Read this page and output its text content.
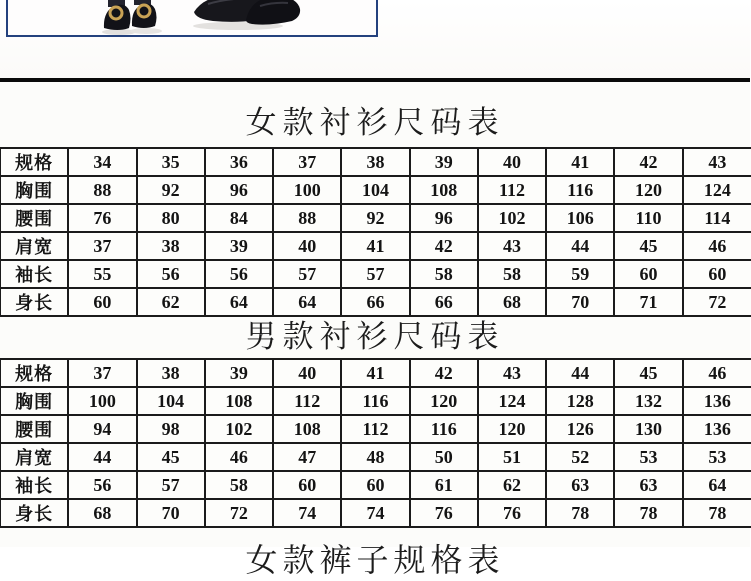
女款衬衫尺码表
规格	34	35	36	37	38	39	40	41	42	43
胸围	88	92	96	100	104	108	112	116	120	124
腰围	76	80	84	88	92	96	102	106	110	114
肩宽	37	38	39	40	41	42	43	44	45	46
袖长	55	56	56	57	57	58	58	59	60	60
身长	60	62	64	64	66	66	68	70	71	72
男款衬衫尺码表
规格	37	38	39	40	41	42	43	44	45	46
胸围	100	104	108	112	116	120	124	128	132	136
腰围	94	98	102	108	112	116	120	126	130	136
肩宽	44	45	46	47	48	50	51	52	53	53
袖长	56	57	58	60	60	61	62	63	63	64
身长	68	70	72	74	74	76	76	78	78	78
女款裤子规格表
